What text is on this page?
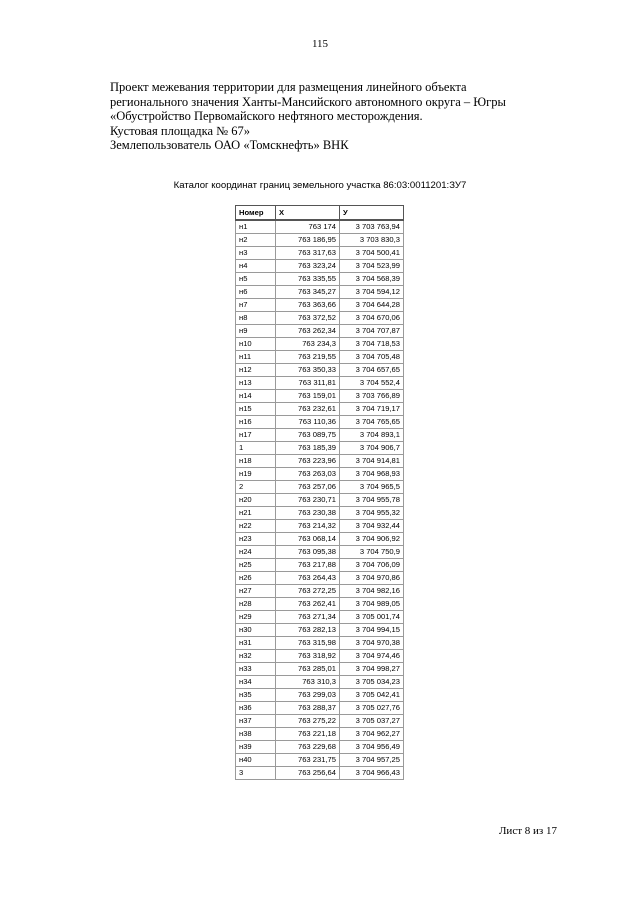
115
Проект межевания территории для размещения линейного объекта
регионального значения Ханты-Мансийского автономного округа – Югры
«Обустройство Первомайского нефтяного месторождения.
Кустовая площадка № 67»
Землепользователь ОАО «Томскнефть» ВНК
Каталог координат границ земельного участка 86:03:0011201:ЗУ7
Номер	Х	У
н1	763 174	3 703 763,94
н2	763 186,95	3 703 830,3
н3	763 317,63	3 704 500,41
н4	763 323,24	3 704 523,99
н5	763 335,55	3 704 568,39
н6	763 345,27	3 704 594,12
н7	763 363,66	3 704 644,28
н8	763 372,52	3 704 670,06
н9	763 262,34	3 704 707,87
н10	763 234,3	3 704 718,53
н11	763 219,55	3 704 705,48
н12	763 350,33	3 704 657,65
н13	763 311,81	3 704 552,4
н14	763 159,01	3 703 766,89
н15	763 232,61	3 704 719,17
н16	763 110,36	3 704 765,65
н17	763 089,75	3 704 893,1
1	763 185,39	3 704 906,7
н18	763 223,96	3 704 914,81
н19	763 263,03	3 704 968,93
2	763 257,06	3 704 965,5
н20	763 230,71	3 704 955,78
н21	763 230,38	3 704 955,32
н22	763 214,32	3 704 932,44
н23	763 068,14	3 704 906,92
н24	763 095,38	3 704 750,9
н25	763 217,88	3 704 706,09
н26	763 264,43	3 704 970,86
н27	763 272,25	3 704 982,16
н28	763 262,41	3 704 989,05
н29	763 271,34	3 705 001,74
н30	763 282,13	3 704 994,15
н31	763 315,98	3 704 970,38
н32	763 318,92	3 704 974,46
н33	763 285,01	3 704 998,27
н34	763 310,3	3 705 034,23
н35	763 299,03	3 705 042,41
н36	763 288,37	3 705 027,76
н37	763 275,22	3 705 037,27
н38	763 221,18	3 704 962,27
н39	763 229,68	3 704 956,49
н40	763 231,75	3 704 957,25
3	763 256,64	3 704 966,43
Лист 8 из 17
